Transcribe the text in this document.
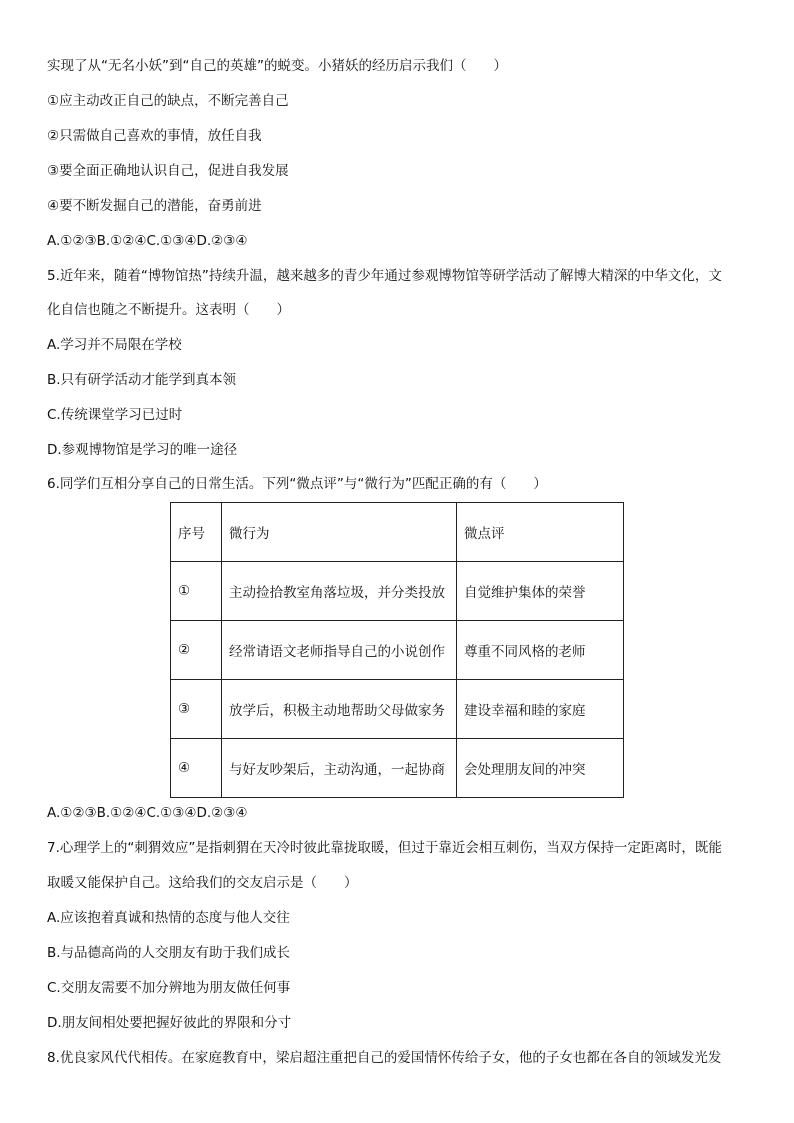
实现了从“无名小妖”到“自己的英雄”的蜕变。小猪妖的经历启示我们（　　）
①应主动改正自己的缺点，不断完善自己
②只需做自己喜欢的事情，放任自我
③要全面正确地认识自己，促进自我发展
④要不断发掘自己的潜能，奋勇前进
A.①②③B.①②④C.①③④D.②③④
5.近年来，随着“博物馆热”持续升温，越来越多的青少年通过参观博物馆等研学活动了解博大精深的中华文化，文
化自信也随之不断提升。这表明（　　）
A.学习并不局限在学校
B.只有研学活动才能学到真本领
C.传统课堂学习已过时
D.参观博物馆是学习的唯一途径
6.同学们互相分享自己的日常生活。下列“微点评”与“微行为”匹配正确的有（　　）
序号	微行为	微点评
①	主动捡拾教室角落垃圾，并分类投放	自觉维护集体的荣誉
②	经常请语文老师指导自己的小说创作	尊重不同风格的老师
③	放学后，积极主动地帮助父母做家务	建设幸福和睦的家庭
④	与好友吵架后，主动沟通，一起协商	会处理朋友间的冲突
A.①②③B.①②④C.①③④D.②③④
7.心理学上的“刺猬效应”是指刺猬在天冷时彼此靠拢取暖，但过于靠近会相互刺伤，当双方保持一定距离时，既能
取暖又能保护自己。这给我们的交友启示是（　　）
A.应该抱着真诚和热情的态度与他人交往
B.与品德高尚的人交朋友有助于我们成长
C.交朋友需要不加分辨地为朋友做任何事
D.朋友间相处要把握好彼此的界限和分寸
8.优良家风代代相传。在家庭教育中，梁启超注重把自己的爱国情怀传给子女，他的子女也都在各自的领域发光发
